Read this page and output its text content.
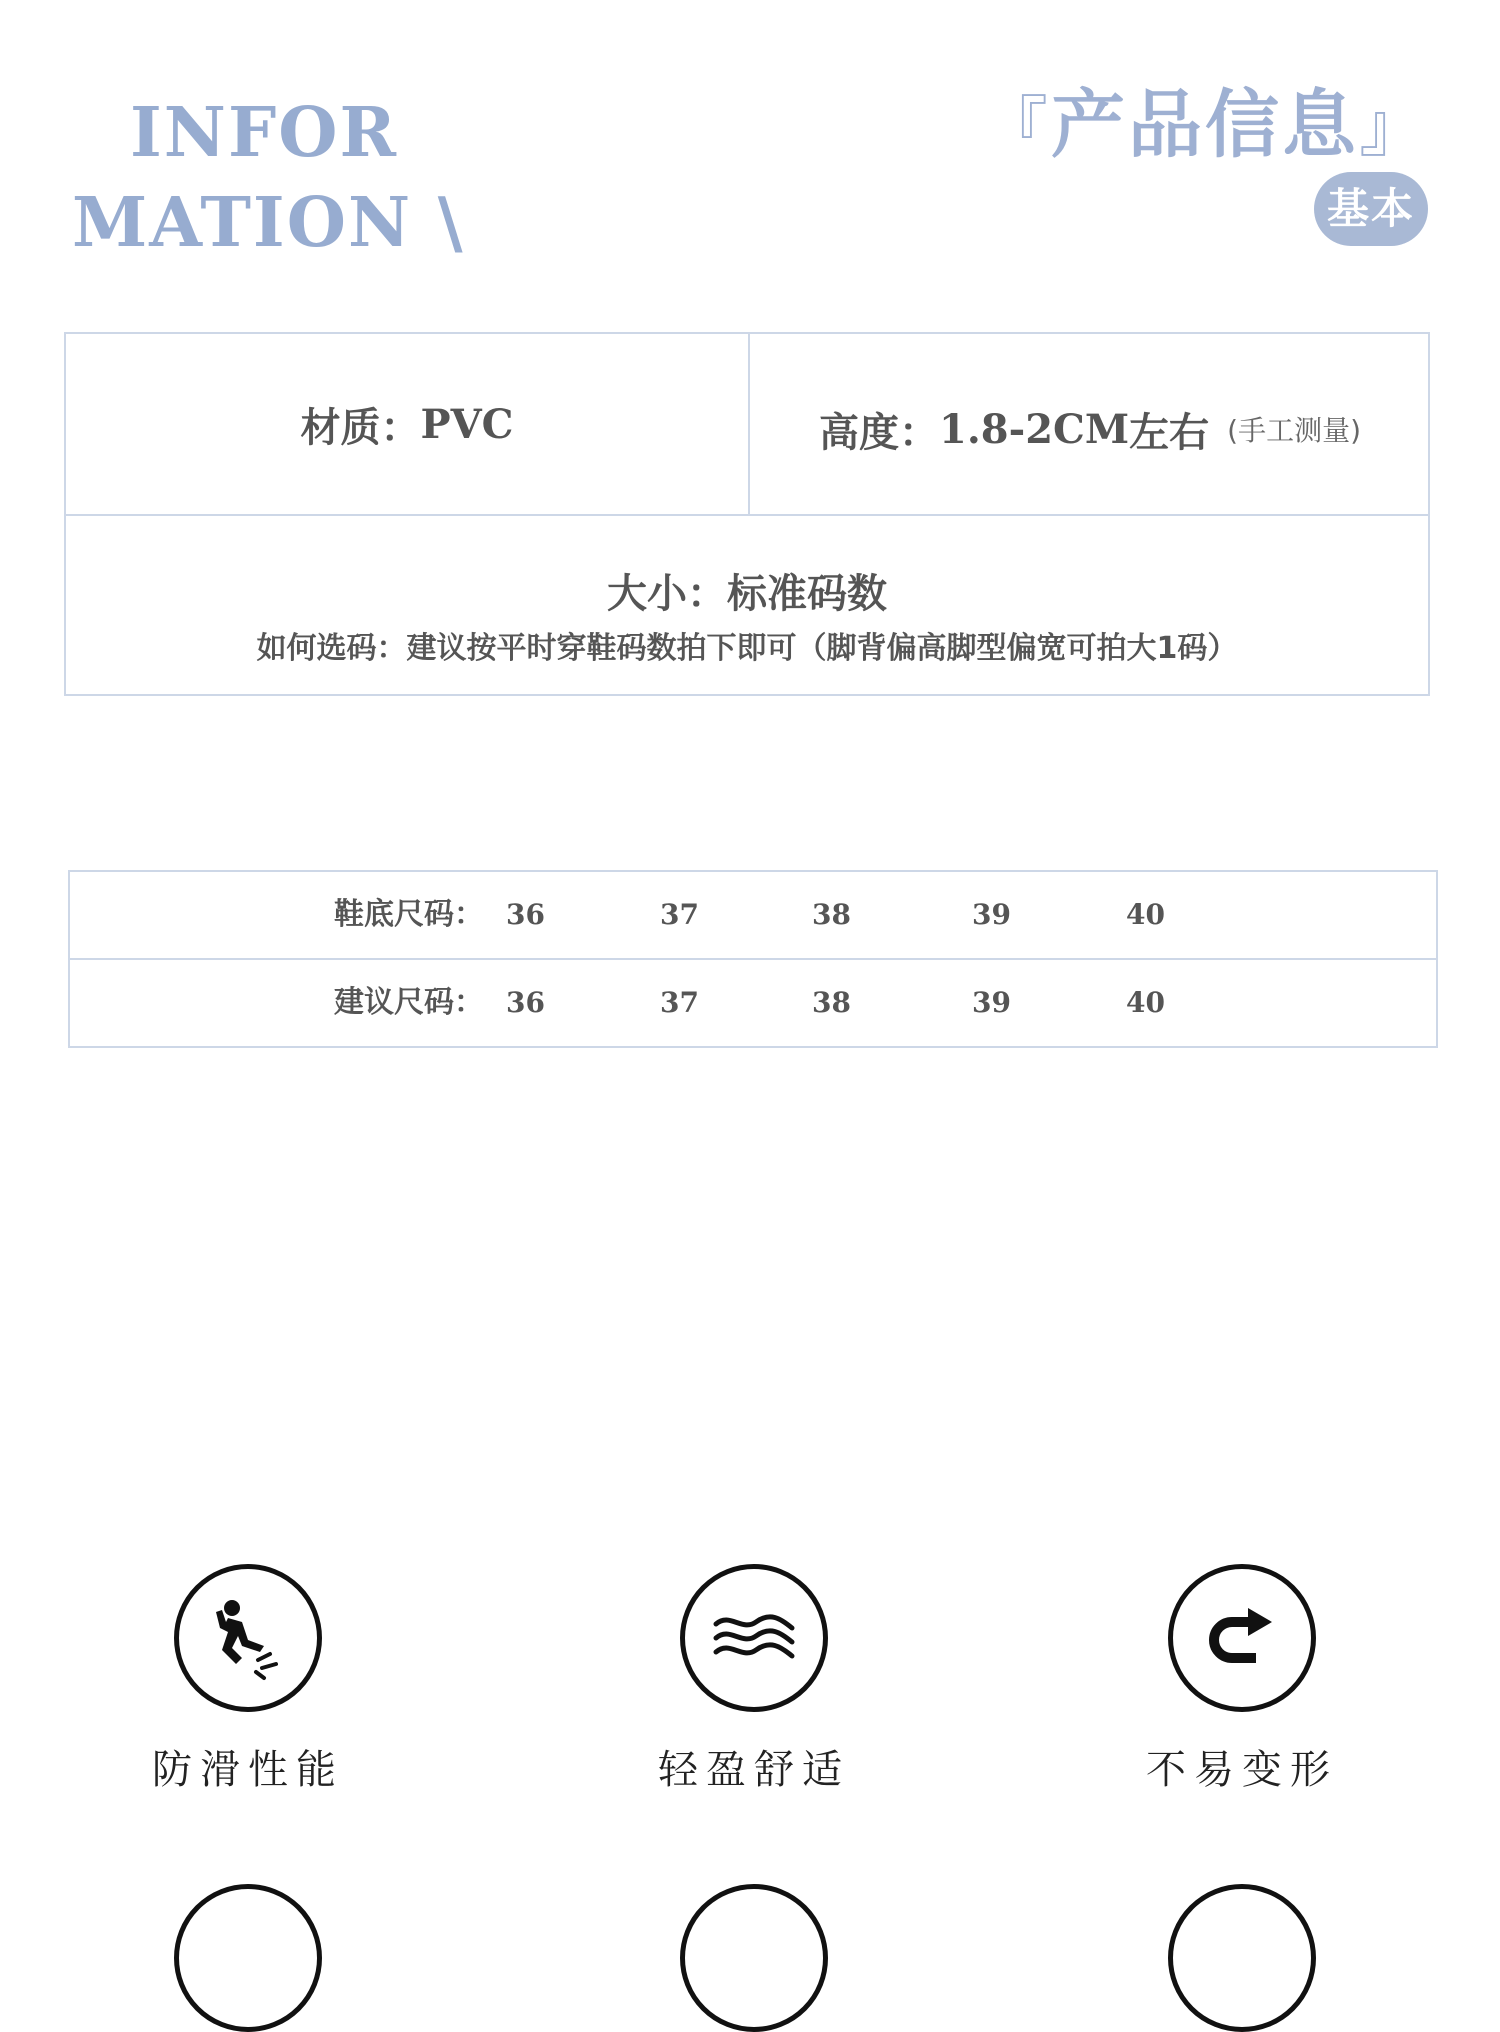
INFOR
MATION \
『产品信息』
基本
材质： PVC	高度： 1.8-2CM 左右 (手工测量)
大小：标准码数
如何选码：建议按平时穿鞋码数拍下即可（脚背偏高脚型偏宽可拍大1码）
鞋底尺码： 36	37	38	39	40
建议尺码： 36	37	38	39	40
防滑性能	轻盈舒适	不易变形
